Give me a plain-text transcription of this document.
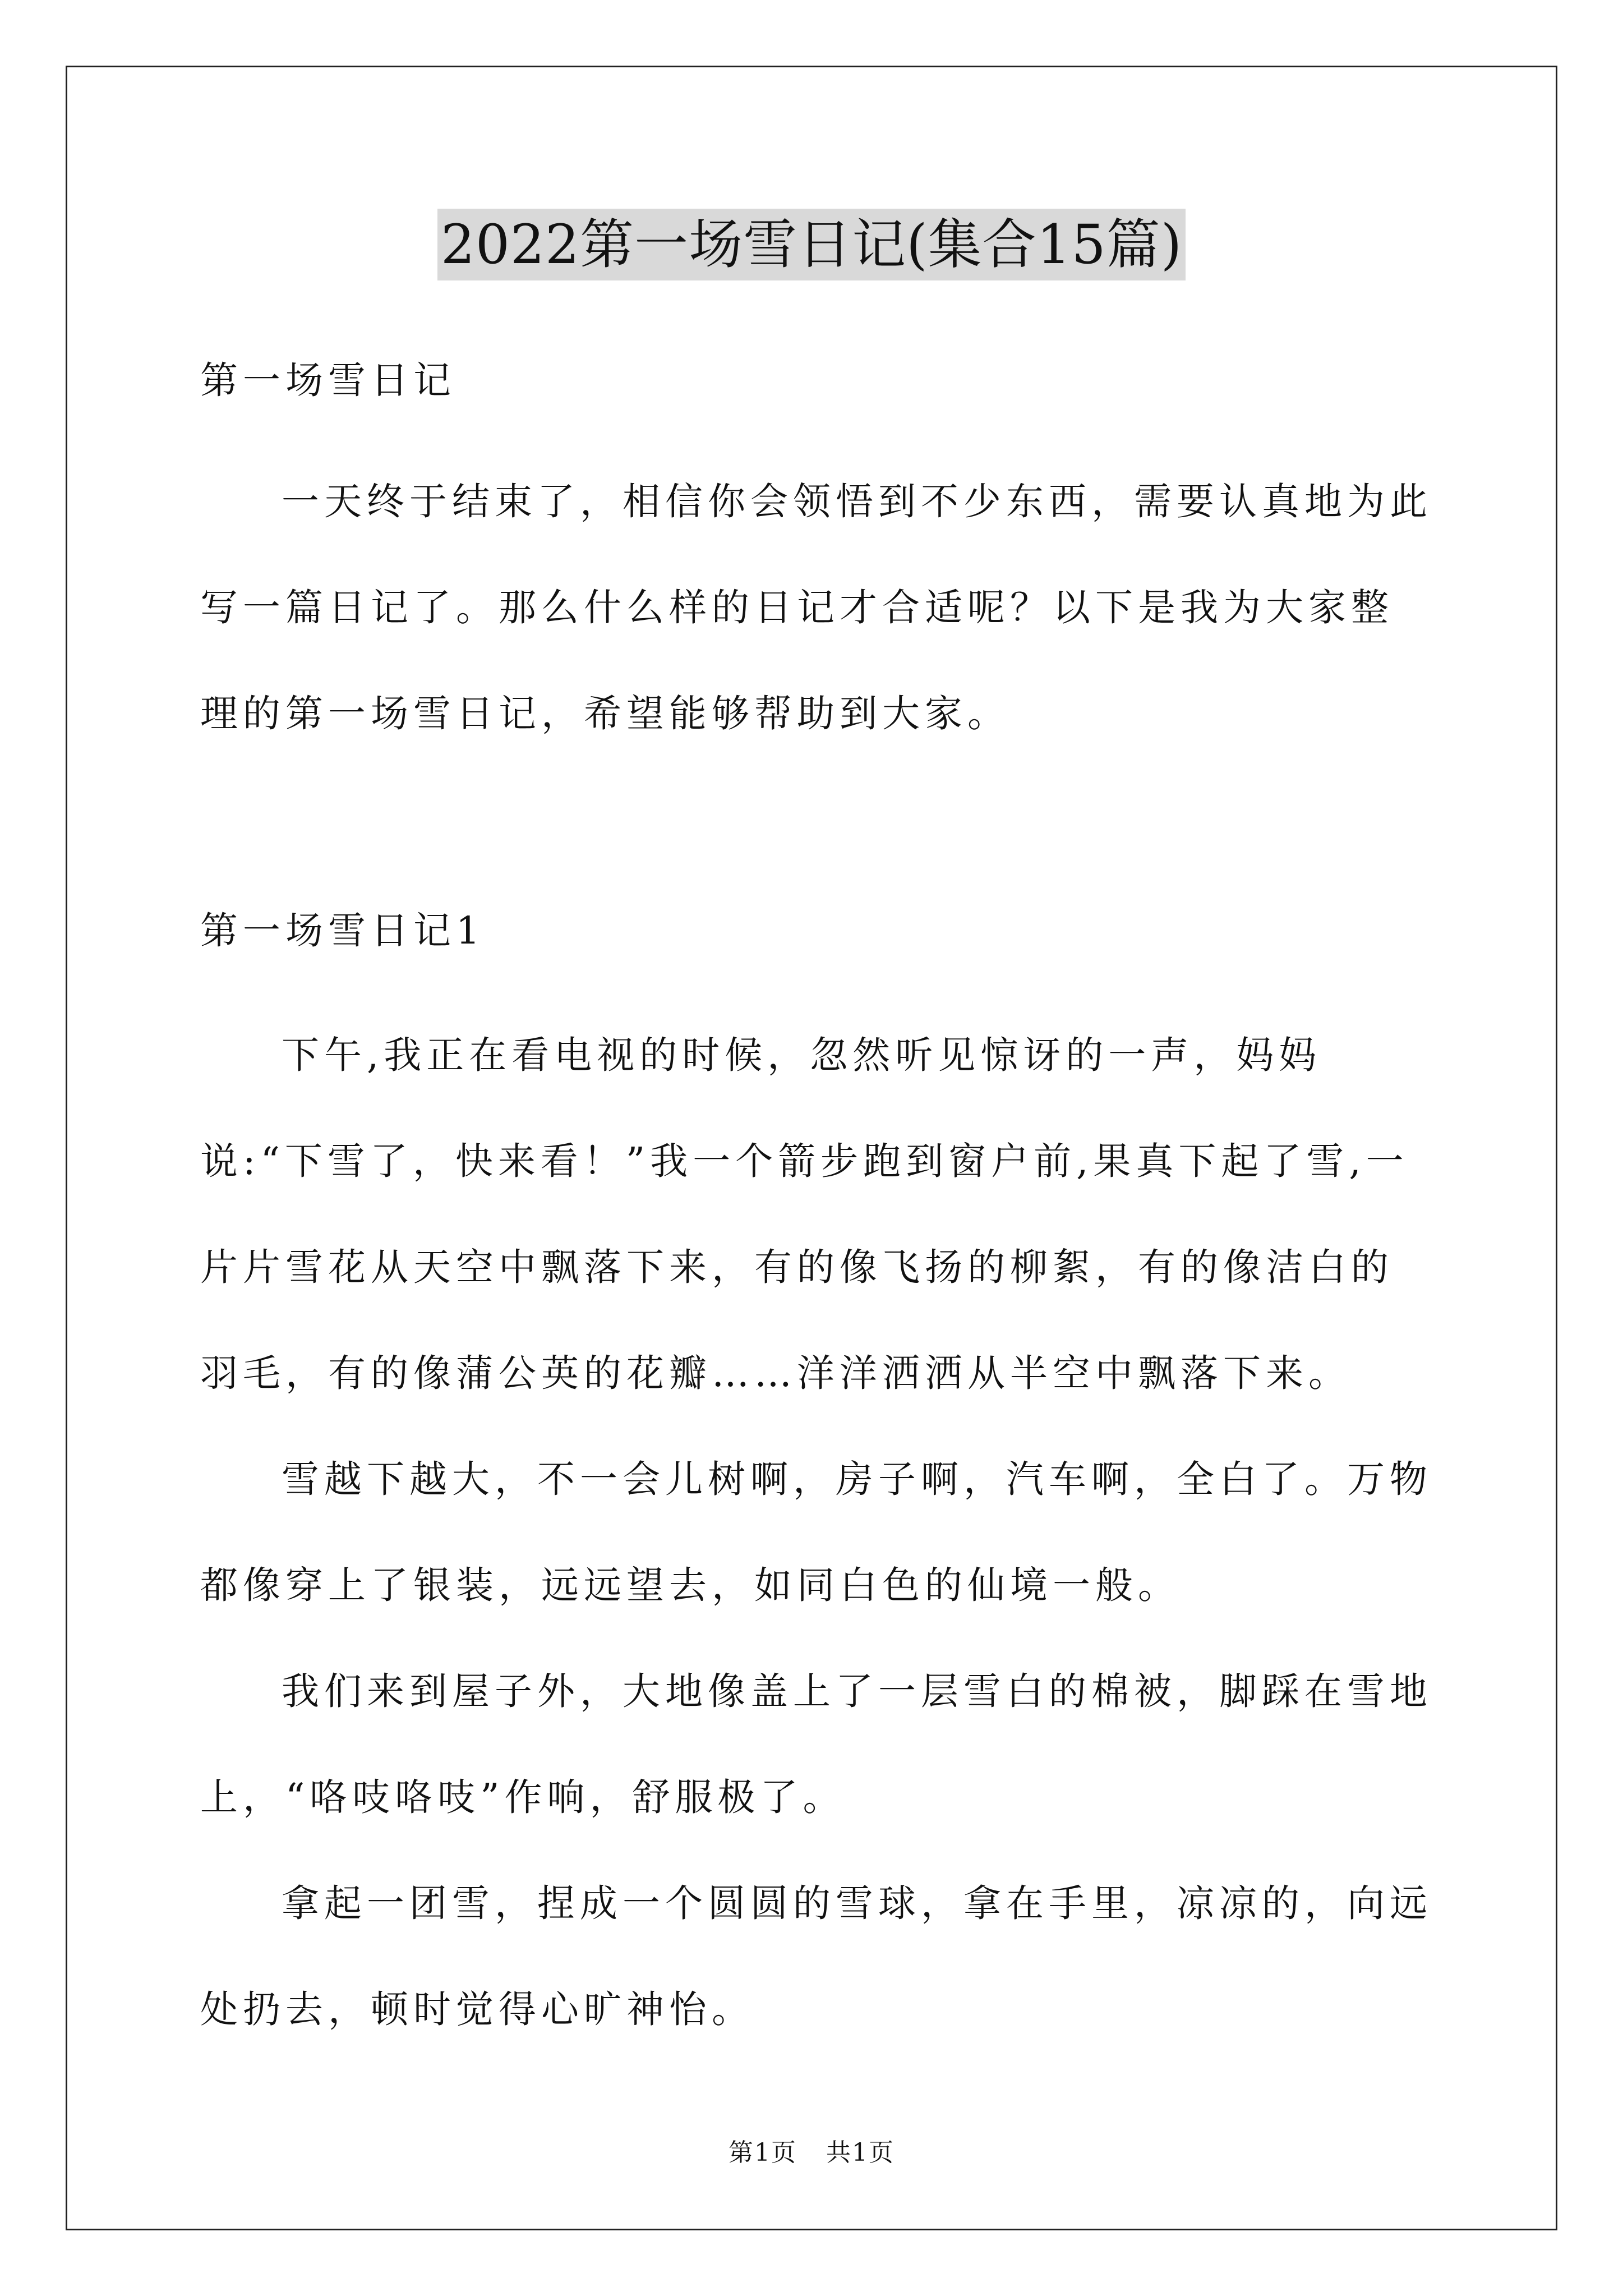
2022第一场雪日记(集合15篇)

第一场雪日记

一天终于结束了，相信你会领悟到不少东西，需要认真地为此写一篇日记了。那么什么样的日记才合适呢？以下是我为大家整理的第一场雪日记，希望能够帮助到大家。

第一场雪日记1

下午,我正在看电视的时候，忽然听见惊讶的一声，妈妈说:“下雪了，快来看！”我一个箭步跑到窗户前,果真下起了雪,一片片雪花从天空中飘落下来，有的像飞扬的柳絮，有的像洁白的羽毛，有的像蒲公英的花瓣……洋洋洒洒从半空中飘落下来。

雪越下越大，不一会儿树啊，房子啊，汽车啊，全白了。万物都像穿上了银装，远远望去，如同白色的仙境一般。

我们来到屋子外，大地像盖上了一层雪白的棉被，脚踩在雪地上，“咯吱咯吱”作响，舒服极了。

拿起一团雪，捏成一个圆圆的雪球，拿在手里，凉凉的，向远处扔去，顿时觉得心旷神怡。

第1页 共1页
